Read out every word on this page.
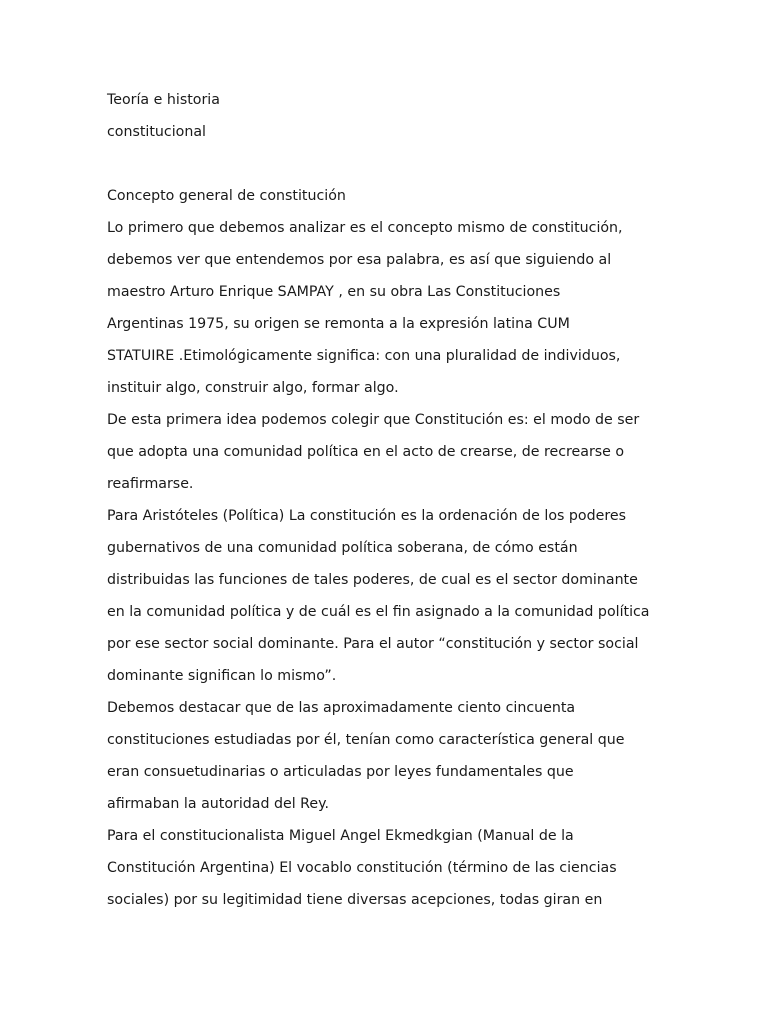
Teoría e historia
constitucional
Concepto general de constitución
Lo primero que debemos analizar es el concepto mismo de constitución,
debemos ver que entendemos por esa palabra, es así que siguiendo al
maestro Arturo Enrique SAMPAY , en su obra Las Constituciones
Argentinas 1975, su origen se remonta a la expresión latina CUM
STATUIRE .Etimológicamente significa: con una pluralidad de individuos,
instituir algo, construir algo, formar algo.
De esta primera idea podemos colegir que Constitución es: el modo de ser
que adopta una comunidad política en el acto de crearse, de recrearse o
reafirmarse.
Para Aristóteles (Política) La constitución es la ordenación de los poderes
gubernativos de una comunidad política soberana, de cómo están
distribuidas las funciones de tales poderes, de cual es el sector dominante
en la comunidad política y de cuál es el fin asignado a la comunidad política
por ese sector social dominante. Para el autor “constitución y sector social
dominante significan lo mismo”.
Debemos destacar que de las aproximadamente ciento cincuenta
constituciones estudiadas por él, tenían como característica general que
eran consuetudinarias o articuladas por leyes fundamentales que
afirmaban la autoridad del Rey.
Para el constitucionalista Miguel Angel Ekmedkgian (Manual de la
Constitución Argentina) El vocablo constitución (término de las ciencias
sociales) por su legitimidad tiene diversas acepciones, todas giran en
